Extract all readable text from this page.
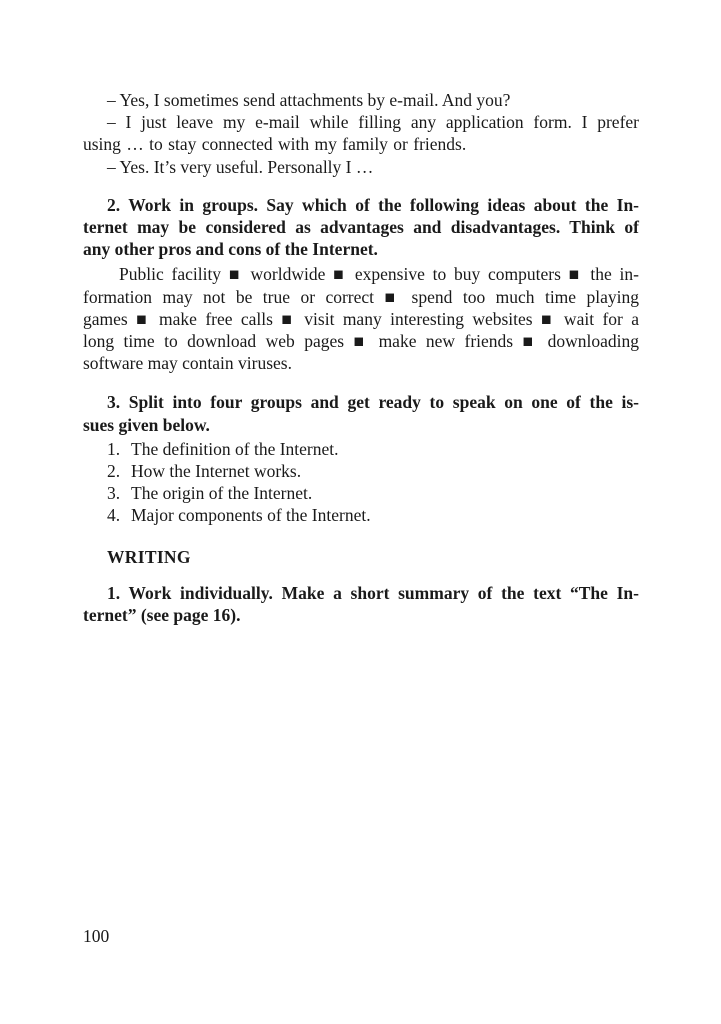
– Yes, I sometimes send attachments by e-mail. And you?
– I just leave my e-mail while filling any application form. I prefer
using … to stay connected with my family or friends.
– Yes. It’s very useful. Personally I …
2. Work in groups. Say which of the following ideas about the In-
ternet may be considered as advantages and disadvantages. Think of
any other pros and cons of the Internet.
Public facility ■ worldwide ■ expensive to buy computers ■ the in-
formation may not be true or correct ■ spend too much time playing
games ■ make free calls ■ visit many interesting websites ■ wait for a
long time to download web pages ■ make new friends ■ downloading
software may contain viruses.
3. Split into four groups and get ready to speak on one of the is-
sues given below.
1. The definition of the Internet.
2. How the Internet works.
3. The origin of the Internet.
4. Major components of the Internet.
WRITING
1. Work individually. Make a short summary of the text “The In-
ternet” (see page 16).
100
